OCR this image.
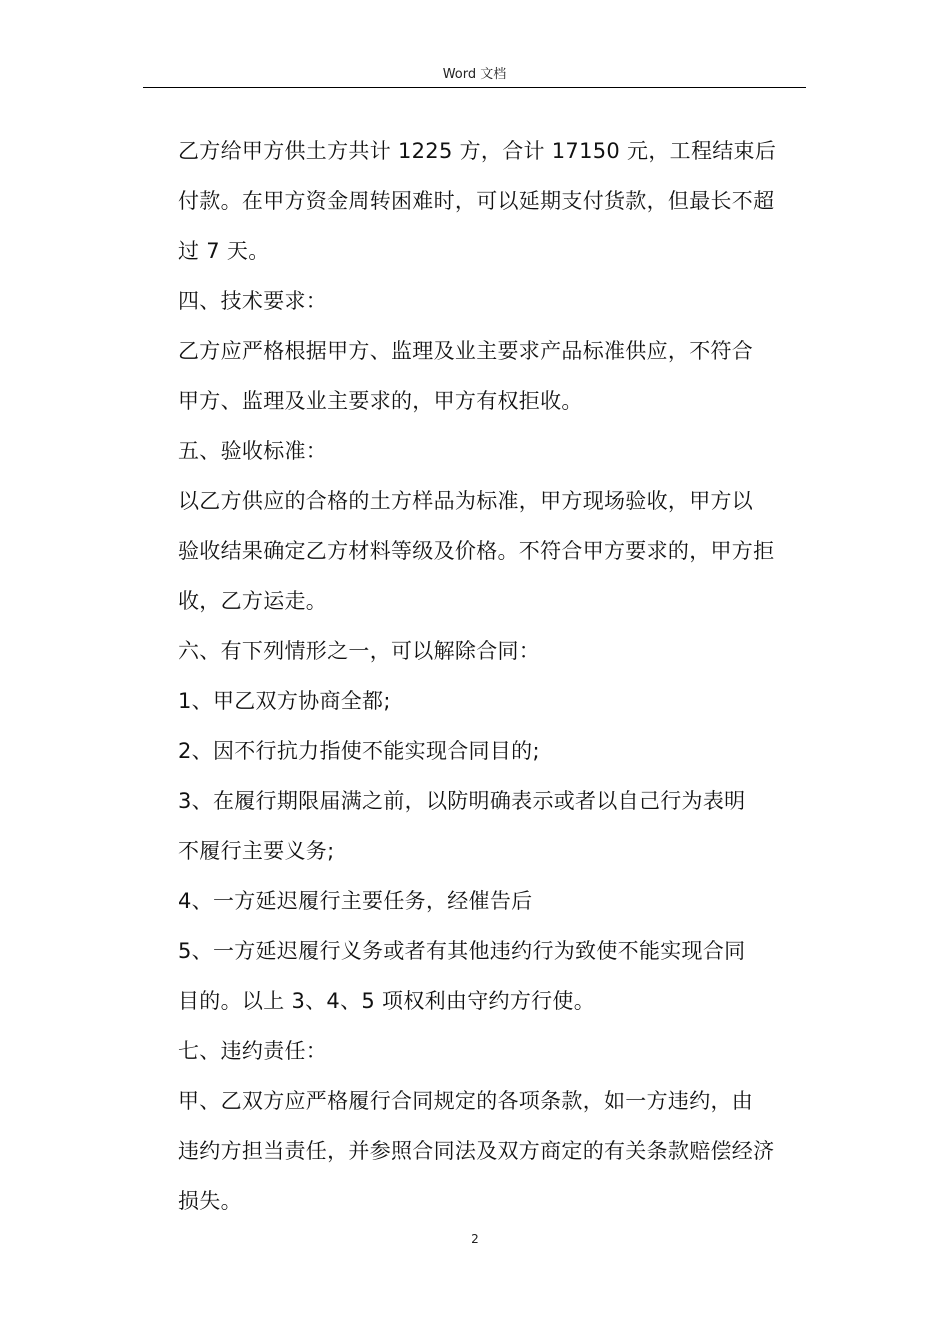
Word 文档

乙方给甲方供土方共计 1225 方，合计 17150 元，工程结束后

付款。在甲方资金周转困难时，可以延期支付货款，但最长不超

过 7 天。

四、技术要求：

乙方应严格根据甲方、监理及业主要求产品标准供应，不符合

甲方、监理及业主要求的，甲方有权拒收。

五、验收标准：

以乙方供应的合格的土方样品为标准，甲方现场验收，甲方以

验收结果确定乙方材料等级及价格。不符合甲方要求的，甲方拒

收，乙方运走。

六、有下列情形之一，可以解除合同：

1、甲乙双方协商全都;

2、因不行抗力指使不能实现合同目的;

3、在履行期限届满之前，以防明确表示或者以自己行为表明

不履行主要义务;

4、一方延迟履行主要任务，经催告后

5、一方延迟履行义务或者有其他违约行为致使不能实现合同

目的。以上 3、4、5 项权利由守约方行使。

七、违约责任：

甲、乙双方应严格履行合同规定的各项条款，如一方违约，由

违约方担当责任，并参照合同法及双方商定的有关条款赔偿经济

损失。

2
